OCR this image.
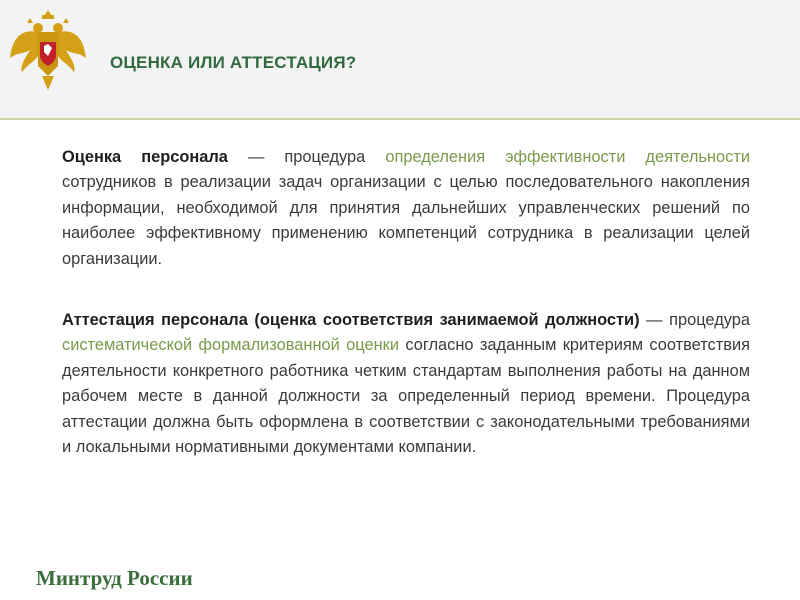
ОЦЕНКА ИЛИ АТТЕСТАЦИЯ?
Оценка персонала — процедура определения эффективности деятельности сотрудников в реализации задач организации с целью последовательного накопления информации, необходимой для принятия дальнейших управленческих решений по наиболее эффективному применению компетенций сотрудника в реализации целей организации.
Аттестация персонала (оценка соответствия занимаемой должности) — процедура систематической формализованной оценки согласно заданным критериям соответствия деятельности конкретного работника четким стандартам выполнения работы на данном рабочем месте в данной должности за определенный период времени. Процедура аттестации должна быть оформлена в соответствии с законодательными требованиями и локальными нормативными документами компании.
Минтруд России
